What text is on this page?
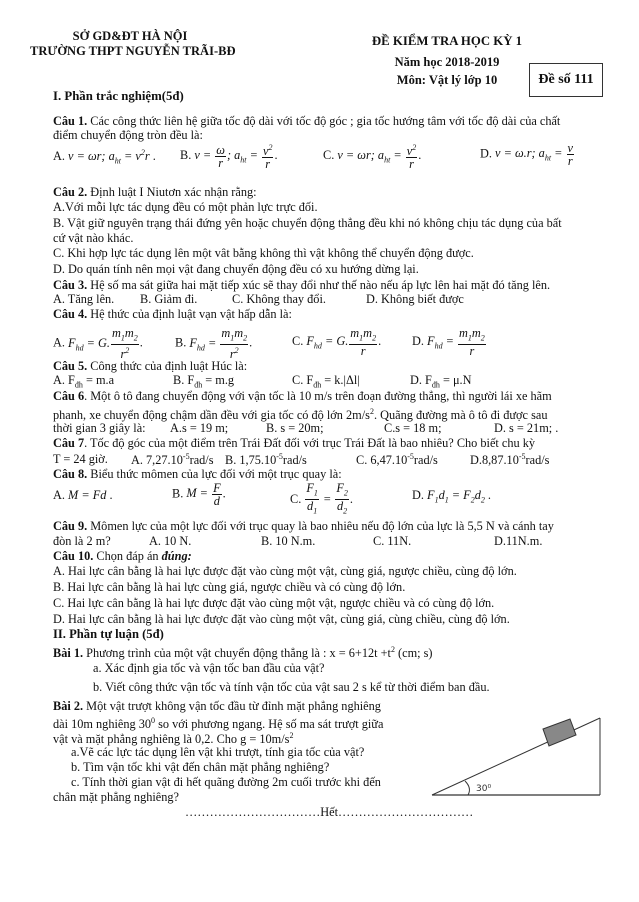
SỞ GD&ĐT HÀ NỘI
TRƯỜNG THPT NGUYỄN TRÃI-BĐ
ĐỀ KIỂM TRA HỌC KỲ 1
Năm học 2018-2019
Môn: Vật lý lớp 10	Đề số 111
I. Phần trắc nghiệm(5đ)
Câu 1. Các công thức liên hệ giữa tốc độ dài với tốc độ góc ; gia tốc hướng tâm với tốc độ dài của chất
điểm chuyển động tròn đều là:
A. v = ωr; $a_{ht} = v^2r$ . B. $v = \frac{\omega}{r}$ ; $a_{ht} = \frac{v^2}{r}$ .	C. v = ωr; $a_{ht} = \frac{v^2}{r}$ .	D. v = ω.r; $a_{ht} = \frac{v}{r}$
Câu 2. Định luật I Niutơn xác nhận rằng:
A.Với mỗi lực tác dụng đều có một phản lực trực đối.
B. Vật giữ nguyên trạng thái đứng yên hoặc chuyển động thẳng đều khi nó không chịu tác dụng của bất
cứ vật nào khác.
C. Khi hợp lực tác dụng lên một vât bằng không thì vật không thể chuyển động được.
D. Do quán tính nên mọi vật đang chuyển động đều có xu hướng dừng lại.
Câu 3. Hệ số ma sát giữa hai mặt tiếp xúc sẽ thay đổi như thế nào nếu áp lực lên hai mặt đó tăng lên.
A. Tăng lên. B. Giảm đi.	C. Không thay đổi.	D. Không biết được
Câu 4. Hệ thức của định luật vạn vật hấp dẫn là:
A. $F_{hd} = G$. $\frac{m_1m_2}{r^2}$ .	B. $F_{hd} = \frac{m_1m_2}{r^2}$ .	C. $F_{hd} = G$. $\frac{m_1m_2}{r}$ .	D. $F_{hd} = \frac{m_1m_2}{r}$
Câu 5. Công thức của định luật Húc là:
A. $F_{đh} = m.a$	B. $F_{đh} = m.g$	C. $F_{đh} = k.|\Delta l|$	D. $F_{đh} = \mu.N$
Câu 6. Một ô tô đang chuyển động với vận tốc là 10 m/s trên đoạn đường thẳng, thì người lái xe hãm
phanh, xe chuyển động chậm dần đều với gia tốc có độ lớn $2m/s^2$. Quãng đường mà ô tô đi được sau
thời gian 3 giây là: A.s = 19 m;	B. s = 20m;	C.s = 18 m;	D. s = 21m; .
Câu 7. Tốc độ góc của một điểm trên Trái Đất đối với trục Trái Đất là bao nhiêu? Cho biết chu kỳ
T = 24 giờ. A. $7,27.10^{-5}rad/s$ B. $1,75.10^{-5}rad/s$	C. $6,47.10^{-5}rad/s$	$D.8,87.10^{-5}rad/s$
Câu 8. Biểu thức mômen của lực đối với một trục quay là:
A. M = Fd .	B. $M = \frac{F}{d}$ .	C. $\frac{F_1}{d_1} = \frac{F_2}{d_2}$ .	D. $F_1d_1 = F_2d_2$ .
Câu 9. Mômen lực của một lực đối với trục quay là bao nhiêu nếu độ lớn của lực là 5,5 N và cánh tay
đòn là 2 m?	A. 10 N.	B. 10 N.m.	C. 11N.	D.11N.m.
Câu 10. Chọn đáp án đúng:
A. Hai lực cân bằng là hai lực được đặt vào cùng một vật, cùng giá, ngược chiều, cùng độ lớn.
B. Hai lực cân bằng là hai lực cùng giá, ngược chiều và có cùng độ lớn.
C. Hai lực cân bằng là hai lực được đặt vào cùng một vật, ngược chiều và có cùng độ lớn.
D. Hai lực cân bằng là hai lực được đặt vào cùng một vật, cùng giá, cùng chiều, cùng độ lớn.
II. Phần tự luận (5đ)
Bài 1. Phương trình của một vật chuyển động thẳng là : $x = 6+12t +t^2$ (cm; s)
a. Xác định gia tốc và vận tốc ban đầu của vật?
b. Viết công thức vận tốc và tính vận tốc của vật sau 2 s kể từ thời điểm ban đầu.
Bài 2. Một vật trượt không vận tốc đầu từ đỉnh mặt phẳng nghiêng
dài 10m nghiêng $30^0$ so với phương ngang. Hệ số ma sát trượt giữa
vật và mặt phẳng nghiêng là 0,2. Cho $g = 10m/s^2$
a.Vẽ các lực tác dụng lên vật khi trượt, tính gia tốc của vật?
b. Tìm vận tốc khi vật đến chân mặt phẳng nghiêng?
c. Tính thời gian vật đi hết quãng đường 2m cuối trước khi đến
chân mặt phẳng nghiêng?
30⁰
……………………………Hết……………………………
